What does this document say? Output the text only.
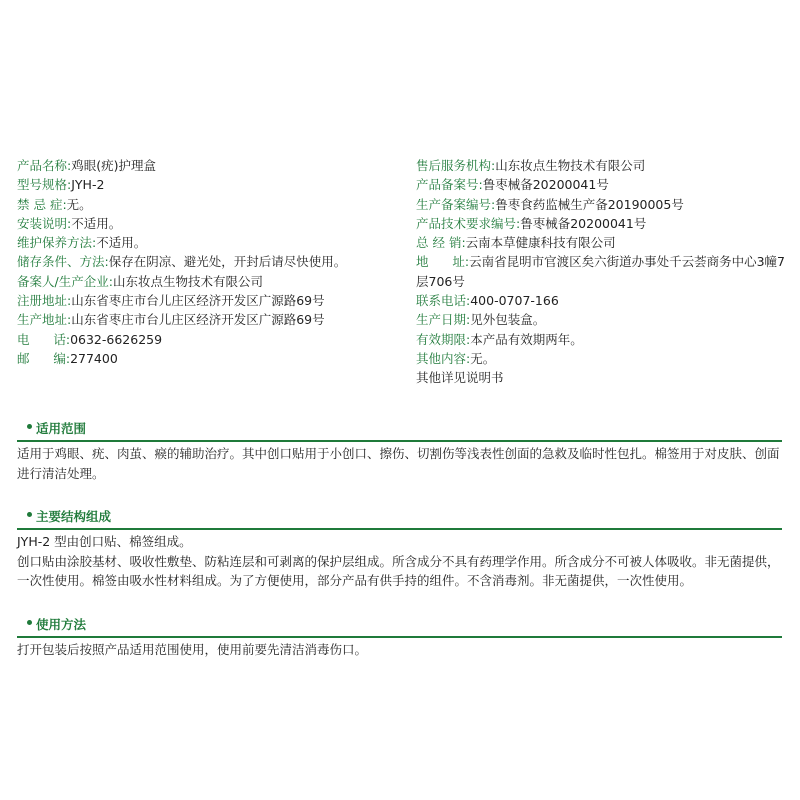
产品名称:鸡眼(疣)护理盒
型号规格:JYH-2
禁 忌 症:无。
安装说明:不适用。
维护保养方法:不适用。
储存条件、方法:保存在阴凉、避光处，开封后请尽快使用。
备案人/生产企业:山东妆点生物技术有限公司
注册地址:山东省枣庄市台儿庄区经济开发区广源路69号
生产地址:山东省枣庄市台儿庄区经济开发区广源路69号
电      话:0632-6626259
邮      编:277400
售后服务机构:山东妆点生物技术有限公司
产品备案号:鲁枣械备20200041号
生产备案编号:鲁枣食药监械生产备20190005号
产品技术要求编号:鲁枣械备20200041号
总 经 销:云南本草健康科技有限公司
地      址:云南省昆明市官渡区矣六街道办事处千云荟商务中心3幢7层706号
联系电话:400-0707-166
生产日期:见外包装盒。
有效期限:本产品有效期两年。
其他内容:无。
其他详见说明书
适用范围

适用于鸡眼、疣、肉茧、瘊的辅助治疗。其中创口贴用于小创口、擦伤、切割伤等浅表性创面的急救及临时性包扎。棉签用于对皮肤、创面进行清洁处理。

主要结构组成

JYH-2 型由创口贴、棉签组成。

创口贴由涂胶基材、吸收性敷垫、防粘连层和可剥离的保护层组成。所含成分不具有药理学作用。所含成分不可被人体吸收。非无菌提供，一次性使用。棉签由吸水性材料组成。为了方便使用，部分产品有供手持的组件。不含消毒剂。非无菌提供，一次性使用。

使用方法

打开包装后按照产品适用范围使用，使用前要先清洁消毒伤口。
